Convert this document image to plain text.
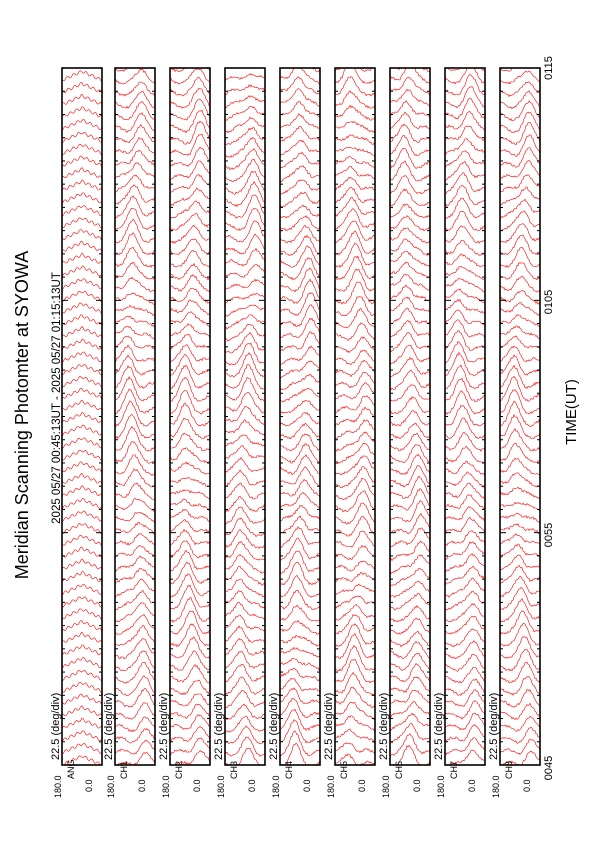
180.0 0.0
ANG
22.5 (deg/div)
180.0 0.0
CH1
22.5 (deg/div)
180.0 0.0
CH2
22.5 (deg/div)
180.0 0.0
CH3
22.5 (deg/div)
180.0 0.0
CH4
22.5 (deg/div)
180.0 0.0
CH5
22.5 (deg/div)
180.0 0.0
CH6
22.5 (deg/div)
180.0 0.0
CH7
22.5 (deg/div)
180.0 0.0
CH8
22.5 (deg/div)
0045
0055
0105
0115
Meridian Scanning Photomter at SYOWA 2025 05/27 00:45:13UT - 2025 05/27 01:15:13UT	TIME(UT)
